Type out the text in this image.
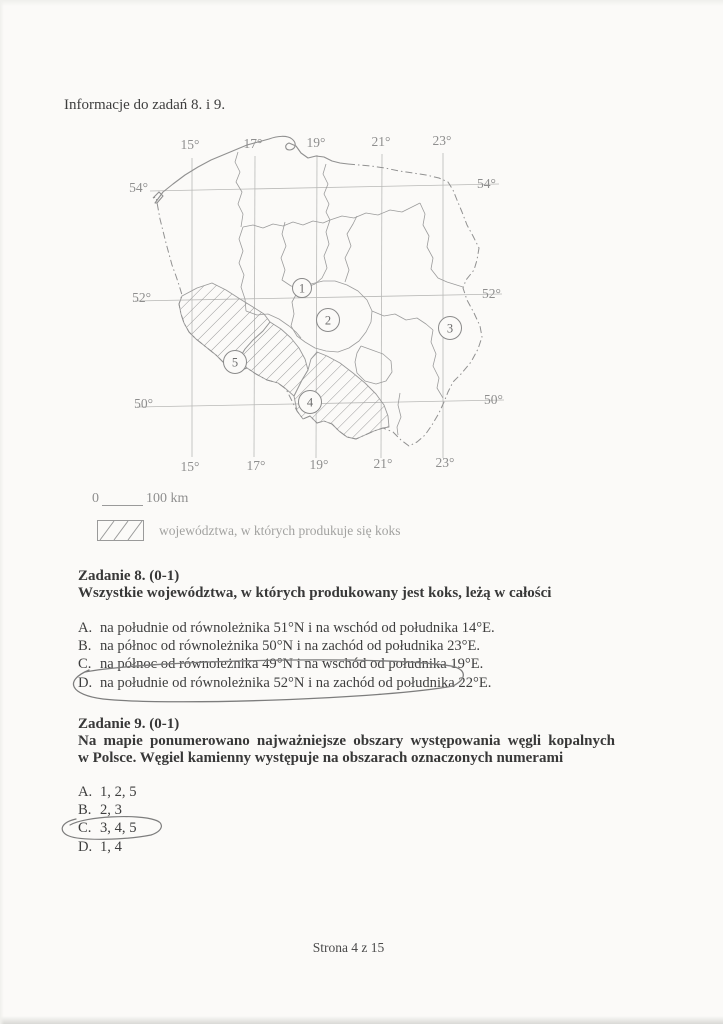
Informacje do zadań 8. i 9.
1
2
3
4
5
15°	17°	19°	21°	23°
15°	17°	19°	21°	23°
54°
52°
50°
54°
52°
50°
0	100 km
województwa, w których produkuje się koks
Zadanie 8. (0-1)
Wszystkie województwa, w których produkowany jest koks, leżą w całości
A. na południe od równoleżnika 51°N i na wschód od południka 14°E.
B. na północ od równoleżnika 50°N i na zachód od południka 23°E.
C. na północ od równoleżnika 49°N i na wschód od południka 19°E.
D. na południe od równoleżnika 52°N i na zachód od południka 22°E.
Zadanie 9. (0-1)
Na mapie ponumerowano najważniejsze obszary występowania węgli kopalnych
w Polsce. Węgiel kamienny występuje na obszarach oznaczonych numerami
A. 1, 2, 5
B. 2, 3
C. 3, 4, 5
D. 1, 4
Strona 4 z 15
